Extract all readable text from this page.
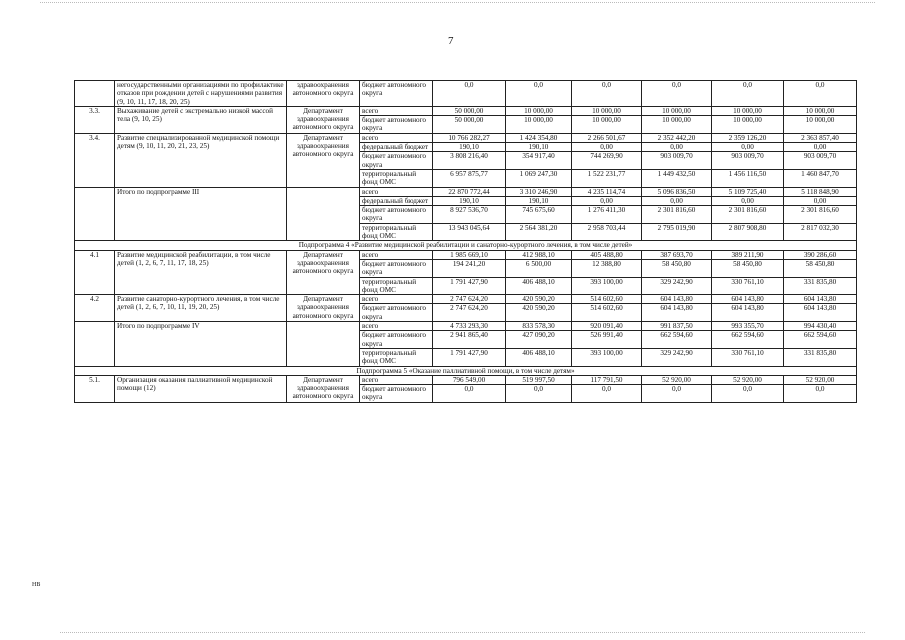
7
	негосударственными организациями по профилактике отказов при рождении детей с нарушениями развития (9, 10, 11, 17, 18, 20, 25)	здравоохранения автономного округа	бюджет автономного округа	0,0	0,0	0,0	0,0	0,0	0,0
3.3.	Выхаживание детей с экстремально низкой массой тела (9, 10, 25)	Департамент здравоохранения автономного округа	всего	50 000,00	10 000,00	10 000,00	10 000,00	10 000,00	10 000,00
			бюджет автономного округа	50 000,00	10 000,00	10 000,00	10 000,00	10 000,00	10 000,00
3.4.	Развитие специализированной медицинской помощи детям (9, 10, 11, 20, 21, 23, 25)	Департамент здравоохранения автономного округа	всего	10 766 282,27	1 424 354,80	2 266 501,67	2 352 442,20	2 359 126,20	2 363 857,40
			федеральный бюджет	190,10	190,10	0,00	0,00	0,00	0,00
			бюджет автономного округа	3 808 216,40	354 917,40	744 269,90	903 009,70	903 009,70	903 009,70
			территориальный фонд ОМС	6 957 875,77	1 069 247,30	1 522 231,77	1 449 432,50	1 456 116,50	1 460 847,70
	Итого по подпрограмме III		всего	22 870 772,44	3 310 246,90	4 235 114,74	5 096 836,50	5 109 725,40	5 118 848,90
			федеральный бюджет	190,10	190,10	0,00	0,00	0,00	0,00
			бюджет автономного округа	8 927 536,70	745 675,60	1 276 411,30	2 301 816,60	2 301 816,60	2 301 816,60
			территориальный фонд ОМС	13 943 045,64	2 564 381,20	2 958 703,44	2 795 019,90	2 807 908,80	2 817 032,30
Подпрограмма 4 «Развитие медицинской реабилитации и санаторно-курортного лечения, в том числе детей»									
4.1	Развитие медицинской реабилитации, в том числе детей (1, 2, 6, 7, 11, 17, 18, 25)	Департамент здравоохранения автономного округа	всего	1 985 669,10	412 988,10	405 488,80	387 693,70	389 211,90	390 286,60
			бюджет автономного округа	194 241,20	6 500,00	12 388,80	58 450,80	58 450,80	58 450,80
			территориальный фонд ОМС	1 791 427,90	406 488,10	393 100,00	329 242,90	330 761,10	331 835,80
4.2	Развитие санаторно-курортного лечения, в том числе детей (1, 2, 6, 7, 10, 11, 19, 20, 25)	Департамент здравоохранения автономного округа	всего	2 747 624,20	420 590,20	514 602,60	604 143,80	604 143,80	604 143,80
			бюджет автономного округа	2 747 624,20	420 590,20	514 602,60	604 143,80	604 143,80	604 143,80
	Итого по подпрограмме IV		всего	4 733 293,30	833 578,30	920 091,40	991 837,50	993 355,70	994 430,40
			бюджет автономного округа	2 941 865,40	427 090,20	526 991,40	662 594,60	662 594,60	662 594,60
			территориальный фонд ОМС	1 791 427,90	406 488,10	393 100,00	329 242,90	330 761,10	331 835,80
Подпрограмма 5 «Оказание паллиативной помощи, в том числе детям»									
5.1.	Организация оказания паллиативной медицинской помощи (12)	Департамент здравоохранения автономного округа	всего	796 549,00	519 997,50	117 791,50	52 920,00	52 920,00	52 920,00
			бюджет автономного округа	0,0	0,0	0,0	0,0	0,0	0,0
HB
